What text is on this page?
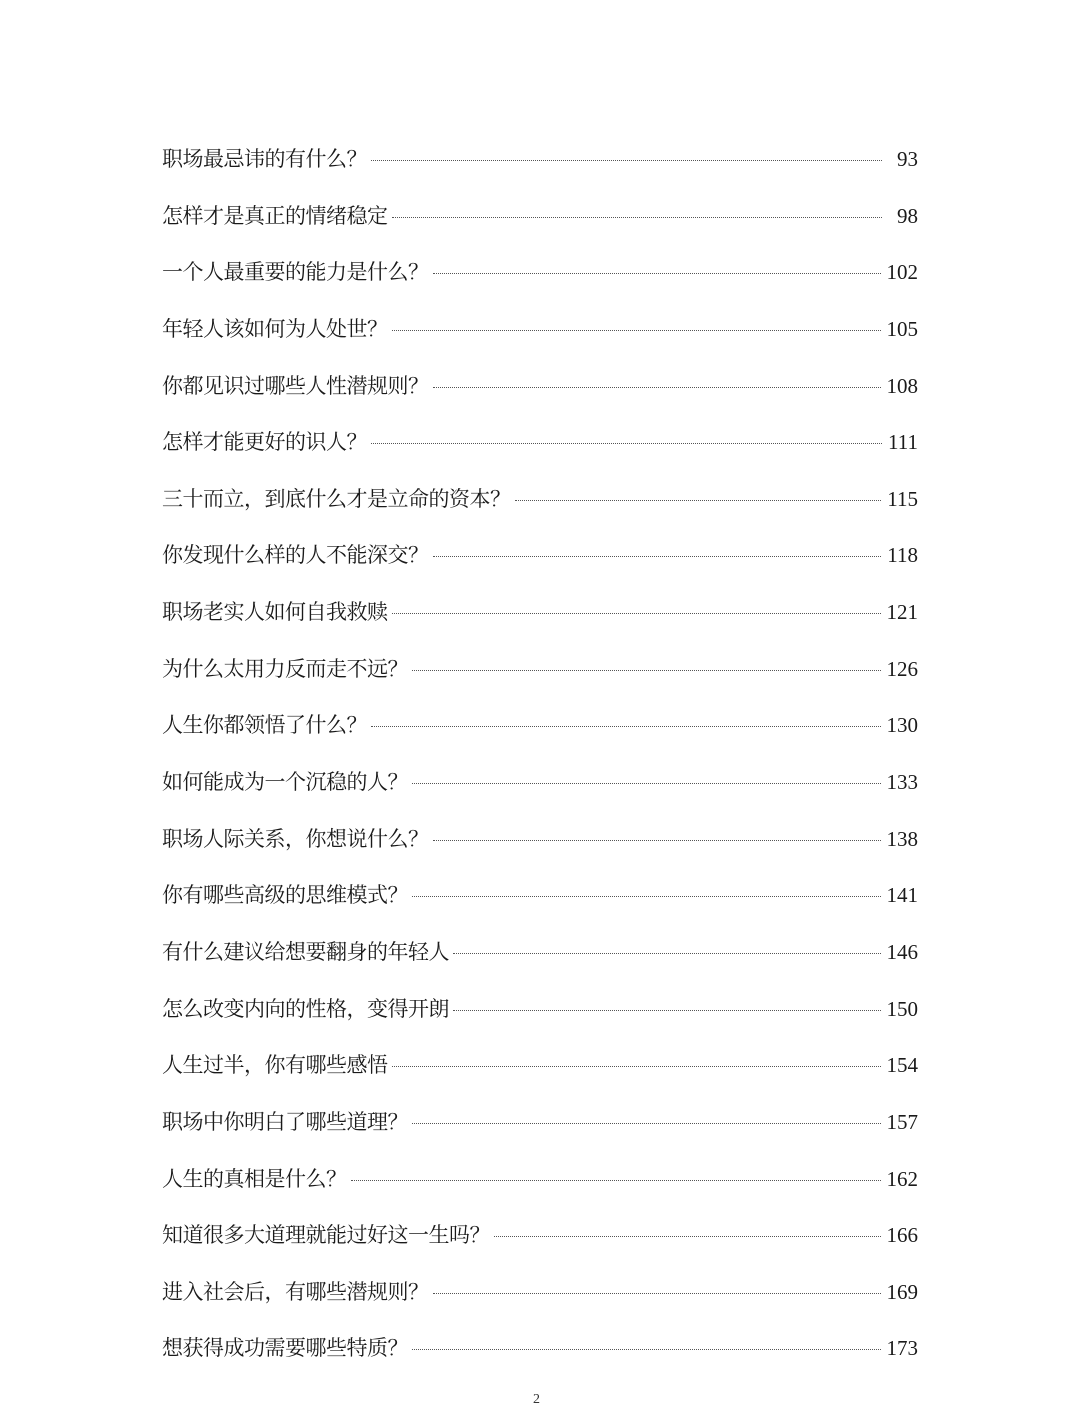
职场最忌讳的有什么？	93
怎样才是真正的情绪稳定	98
一个人最重要的能力是什么？	102
年轻人该如何为人处世？	105
你都见识过哪些人性潜规则？	108
怎样才能更好的识人？	111
三十而立，到底什么才是立命的资本？	115
你发现什么样的人不能深交？	118
职场老实人如何自我救赎	121
为什么太用力反而走不远？	126
人生你都领悟了什么？	130
如何能成为一个沉稳的人？	133
职场人际关系，你想说什么？	138
你有哪些高级的思维模式？	141
有什么建议给想要翻身的年轻人	146
怎么改变内向的性格，变得开朗	150
人生过半，你有哪些感悟	154
职场中你明白了哪些道理？	157
人生的真相是什么？	162
知道很多大道理就能过好这一生吗？	166
进入社会后，有哪些潜规则？	169
想获得成功需要哪些特质？	173
2
